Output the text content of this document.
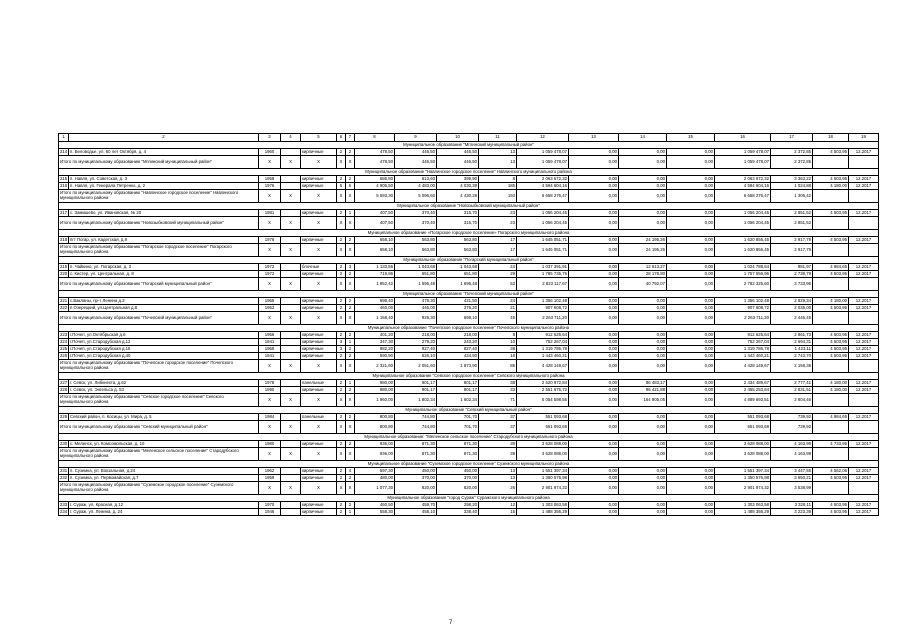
1	2	3	4	5	6	7	8	9	10	11	12	13	14	15	16	17	18	19
Муниципальное образование "Мглинский муниципальный район"																		
214	п. Беловодье, ул. 60 лет Октября, д. 4	1960		кирпичные	2	2	478,50	446,50	446,50	13	1 059 478,07	0,00	0,00	0,00	1 059 478,07	2 372,85	4 503,95	12.2017
Итого по муниципальному образованию "Мглинский муниципальный район"		X	X	X	X	X	478,50	446,50	446,50	13	1 059 478,07	0,00	0,00	0,00	1 059 478,07	2 372,85		
Муниципальное образование "Навлинское городское поселение" Навлинского муниципального района																		
215	п. Навля, ул. Советская, д. 3	1959		кирпичные	2	2	686,80	613,60	399,90	8	2 063 672,32	0,00	0,00	0,00	2 063 672,32	3 363,22	4 503,95	12.2017
216	п. Навля, ул. Генерала Петренко, д. 2	1976		кирпичные	5	6	4 906,50	4 483,00	4 030,39	185	4 594 604,16	0,00	0,00	0,00	4 594 604,16	1 024,88	4 180,00	12.2017
Итого по муниципальному образованию "Навлинское городское поселение" Навлинского муниципального района		X	X	X	X	X	5 593,30	5 096,60	4 430,29	193	6 658 276,47	0,00	0,00	0,00	6 658 276,47	1 306,42		
Муниципальное образование "Новозыбковский муниципальный район"																		
217	с. Замишево, ул. Ивановская, № 20	1981		кирпичные	2	1	407,50	370,40	315,70	23	1 056 204,45	0,00	0,00	0,00	1 056 204,45	2 851,52	4 503,95	12.2017
Итого по муниципальному образованию "Новозыбковский муниципальный район"		X	X	X	X	X	407,50	370,40	315,70	23	1 056 204,45	0,00	0,00	0,00	1 056 204,45	2 851,52		
Муниципальное образование «Погарское городское поселение» Погарского муниципального района																		
218	пгт Погар, ул. Кадетская, д.9	1976		кирпичные	2	2	658,10	563,80	563,80	17	1 645 051,71	0,00	24 195,26	0,00	1 620 856,45	2 917,79	4 503,95	12.2017
Итого по муниципальному образованию "Погарское городское поселение" Погарского муниципального района		X	X	X	X	X	658,10	563,80	563,80	17	1 645 051,71	0,00	24 195,26	0,00	1 620 856,45	2 917,79		
Муниципальное образование "Погарский муниципальный район"																		
219	п. Чайкино, ул. Погарская, д. 3	1972		блочные	2	3	1 133,56	1 043,68	1 043,68	24	1 037 391,91	0,00	12 613,27	0,00	1 024 788,64	981,97	4 984,65	12.2017
220	с. Кистер, ул. Центральная, д. 8	1972		кирпичные	2	2	719,86	651,80	651,80	29	1 785 735,76	0,00	28 178,80	0,00	1 757 556,96	2 739,79	4 503,95	12.2017
Итого по муниципальному образованию "Погарский муниципальный район"		X	X	X	X	X	1 852,42	1 695,48	1 695,48	53	2 823 117,67	0,00	40 792,07	0,00	2 782 325,60	3 733,96		
Муниципальное образование "Почепский муниципальный район"																		
221	с.Бакланы, пр-т Ленина д.3	1965		кирпичные	2	2	698,40	479,30	421,50	24	1 356 102,48	0,00	0,00	0,00	1 356 102,48	2 829,34	4 180,00	12.2017
222	п.Озерецкий, ул.Центральная д.8	1953		кирпичные	2	2	460,00	446,00	276,20	21	907 608,72	0,00	0,00	0,00	907 608,72	2 035,00	4 503,95	12.2017
Итого по муниципальному образованию "Почепский муниципальный район"		X	X	X	X	X	1 158,40	925,30	698,10	45	2 263 711,20	0,00	0,00	0,00	2 263 711,20	2 446,45		
Муниципальное образование "Почепское городское поселение" Почепского муниципального района																		
223	г.Почеп, ул.Октябрьская д.6	1956		кирпичные	2	2	401,20	218,00	218,00	8	912 625,64	0,00	0,00	0,00	912 625,64	2 861,73	4 503,95	12.2017
224	г.Почеп, ул.Стародубская д.12	1941		кирпичные	3	1	347,30	279,20	243,20	10	752 267,04	0,00	0,00	0,00	752 267,04	2 694,31	4 503,95	12.2017
225	г.Почеп, ул.Стародубская д.16	1968		кирпичные	3	2	982,20	927,40	827,40	38	1 319 786,78	0,00	0,00	0,00	1 319 786,78	1 423,11	4 503,95	12.2017
226	г.Почеп, ул.Стародубская д.40	1941		кирпичные	2	2	590,90	526,10	434,50	18	1 443 460,21	0,00	0,00	0,00	1 443 460,21	2 743,70	4 503,95	12.2017
Итого по муниципальному образованию "Почепское городское поселение" Почепского муниципального района		X	X	X	X	X	2 321,60	2 051,60	1 873,90	86	4 428 149,67	0,00	0,00	0,00	4 428 149,67	2 158,36		
Муниципальное образование "Севское городское поселение" Севского муниципального района																		
227	г. Севск, ул. Либкнехта, д.62	1978		панельные	2	1	980,00	901,17	801,17	38	2 520 972,84	0,00	86 483,17	0,00	2 434 489,67	2 777,41	4 180,00	12.2017
228	г. Севск, ул. Энгельса д. 53	1990		кирпичные	2	2	980,00	901,17	801,17	33	2 551 675,72	0,00	96 421,88	0,00	2 455 253,84	2 831,51	4 180,00	12.2017
Итого по муниципальному образованию "Севское городское поселение" Севского муниципального района		X	X	X	X	X	1 960,00	1 802,34	1 602,34	71	5 054 598,56	0,00	164 905,05	0,00	4 889 693,51	2 804,46		
Муниципальное образование "Севский муниципальный район"																		
229	Севский район, п. Косицы, ул. Мира, д. 5	1984		панельные	2	2	800,80	744,80	701,70	37	551 093,68	0,00	0,00	0,00	551 093,68	739,92	4 984,65	12.2017
Итого по муниципальному образованию "Севский муниципальный район"		X	X	X	X	X	800,80	744,80	701,70	37	551 093,68	0,00	0,00	0,00	551 093,68	739,92		
Муниципальное образование: "Меленское сельское поселение" Стародубского муниципального района																		
230	с. Меленск, ул. Комсомольская, д. 10	1980		кирпичные	2	2	936,00	871,30	871,30	39	3 628 088,00	0,00	0,00	0,00	3 628 088,00	4 163,99	4 733,95	12.2017
Итого по муниципальному образованию "Меленское сельское поселение" Стародубского муниципального района		X	X	X	X	X	936,00	871,30	871,30	39	3 628 088,00	0,00	0,00	0,00	3 628 088,00	4 163,99		
Муниципальное образование "Суземское городское поселение" Суземского муниципального района																		
231	п. Суземка, ул. Вокзальная, д.24	1962		кирпичные	2	4	597,30	450,00	450,00	13	1 551 397,34	0,00	0,00	0,00	1 551 397,34	3 447,55	4 562,06	12.2017
232	п. Суземка, ул. Первомайская, д.7	1959		кирпичные	2	2	480,00	370,00	370,00	13	1 350 576,98	0,00	0,00	0,00	1 350 576,98	3 650,21	4 503,95	12.2017
Итого по муниципальному образованию "Суземское городское поселение" Суземского муниципального района		X	X	X	X	X	1 077,30	820,00	820,00	26	2 901 974,32	0,00	0,00	0,00	2 901 974,32	3 538,99		
Муниципальное образование "город Сураж" Суражского муниципального района																		
233	г. Сураж, ул. Красная, д.12	1970		кирпичные	2	2	460,50	459,70	298,20	12	1 303 063,58	0,00	0,00	0,00	1 303 063,58	3 328,11	4 503,95	12.2017
234	г. Сураж, ул. Ленина, д. 24	1946		кирпичные	2	1	558,30	458,10	338,40	15	1 488 356,29	0,00	0,00	0,00	1 488 356,29	3 223,39	4 503,95	12.2017
7
